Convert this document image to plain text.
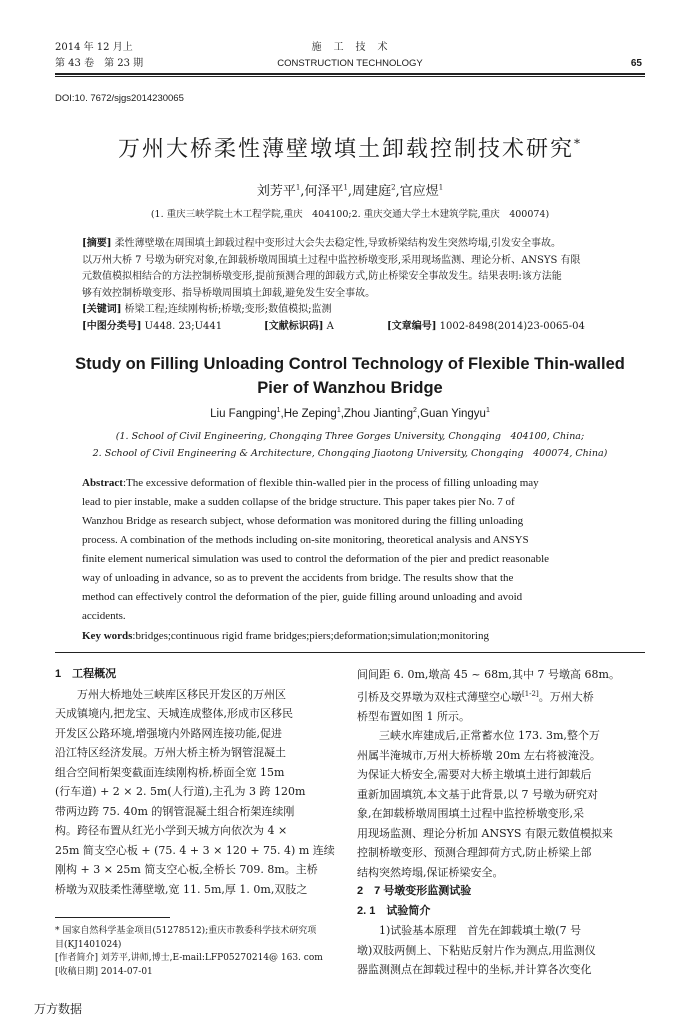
2014 年 12 月上
第 43 卷　第 23 期
施　工　技　术
CONSTRUCTION TECHNOLOGY	65
DOI:10. 7672/sjgs2014230065
万州大桥柔性薄壁墩填土卸载控制技术研究*
刘芳平$^1$,何泽平$^1$,周建庭$^2$,官应煜$^1$
(1. 重庆三峡学院土木工程学院,重庆　404100;2. 重庆交通大学土木建筑学院,重庆　400074)
[摘要] 柔性薄壁墩在周围填土卸载过程中变形过大会失去稳定性,导致桥梁结构发生突然垮塌,引发安全事故。
以万州大桥 7 号墩为研究对象,在卸载桥墩周围填土过程中监控桥墩变形,采用现场监测、理论分析、ANSYS 有限
元数值模拟相结合的方法控制桥墩变形,提前预测合理的卸载方式,防止桥梁安全事故发生。结果表明:该方法能
够有效控制桥墩变形、指导桥墩周围填土卸载,避免发生安全事故。
[关键词] 桥梁工程;连续刚构桥;桥墩;变形;数值模拟;监测
[中图分类号] U448. 23;U441	[文献标识码] A	[文章编号] 1002-8498(2014)23-0065-04
Study on Filling Unloading Control Technology of Flexible Thin-walled
Pier of Wanzhou Bridge
Liu Fangping$^1$,He Zeping$^1$,Zhou Jianting$^2$,Guan Yingyu$^1$
(1. School of Civil Engineering, Chongqing Three Gorges University, Chongqing　404100, China;
2. School of Civil Engineering & Architecture, Chongqing Jiaotong University, Chongqing　400074, China)
Abstract:The excessive deformation of flexible thin-walled pier in the process of filling unloading may
lead to pier instable, make a sudden collapse of the bridge structure. This paper takes pier No. 7 of
Wanzhou Bridge as research subject, whose deformation was monitored during the filling unloading
process. A combination of the methods including on-site monitoring, theoretical analysis and ANSYS
finite element numerical simulation was used to control the deformation of the pier and predict reasonable
way of unloading in advance, so as to prevent the accidents from bridge. The results show that the
method can effectively control the deformation of the pier, guide filling around unloading and avoid
accidents.
Key words:bridges;continuous rigid frame bridges;piers;deformation;simulation;monitoring
1　工程概况

　　万州大桥地处三峡库区移民开发区的万州区

天成镇境内,把龙宝、天城连成整体,形成市区移民

开发区公路环境,增强境内外路网连接功能,促进

沿江特区经济发展。万州大桥主桥为钢管混凝土

组合空间桁架变截面连续刚构桥,桥面全宽 15m

(行车道) + 2 × 2. 5m(人行道),主孔为 3 跨 120m

带两边跨 75. 40m 的钢管混凝土组合桁架连续刚

构。跨径布置从红光小学到天城方向依次为 4 ×

25m 简支空心板 + (75. 4 + 3 × 120 + 75. 4) m 连续

刚构 + 3 × 25m 简支空心板,全桥长 709. 8m。主桥

桥墩为双肢柔性薄壁墩,宽 11. 5m,厚 1. 0m,双肢之

* 国家自然科学基金项目(51278512);重庆市教委科学技术研究项
目(KJ1401024)
[作者简介] 刘芳平,讲师,博士,E-mail:LFP05270214@ 163. com
[收稿日期] 2014-07-01

间间距 6. 0m,墩高 45 ~ 68m,其中 7 号墩高 68m。

引桥及交界墩为双柱式薄壁空心墩[1-2]。万州大桥

桥型布置如图 1 所示。

　　三峡水库建成后,正常蓄水位 173. 3m,整个万

州属半淹城市,万州大桥桥墩 20m 左右将被淹没。

为保证大桥安全,需要对大桥主墩填土进行卸载后

重新加固填筑,本文基于此背景,以 7 号墩为研究对

象,在卸载桥墩周围填土过程中监控桥墩变形,采

用现场监测、理论分析加 ANSYS 有限元数值模拟来

控制桥墩变形、预测合理卸荷方式,防止桥梁上部

结构突然垮塌,保证桥梁安全。

2　7 号墩变形监测试验
2. 1　试验简介

　　1)试验基本原理　首先在卸载填土墩(7 号

墩)双肢两侧上、下粘贴反射片作为测点,用监测仪

器监测测点在卸载过程中的坐标,并计算各次变化

万方数据
